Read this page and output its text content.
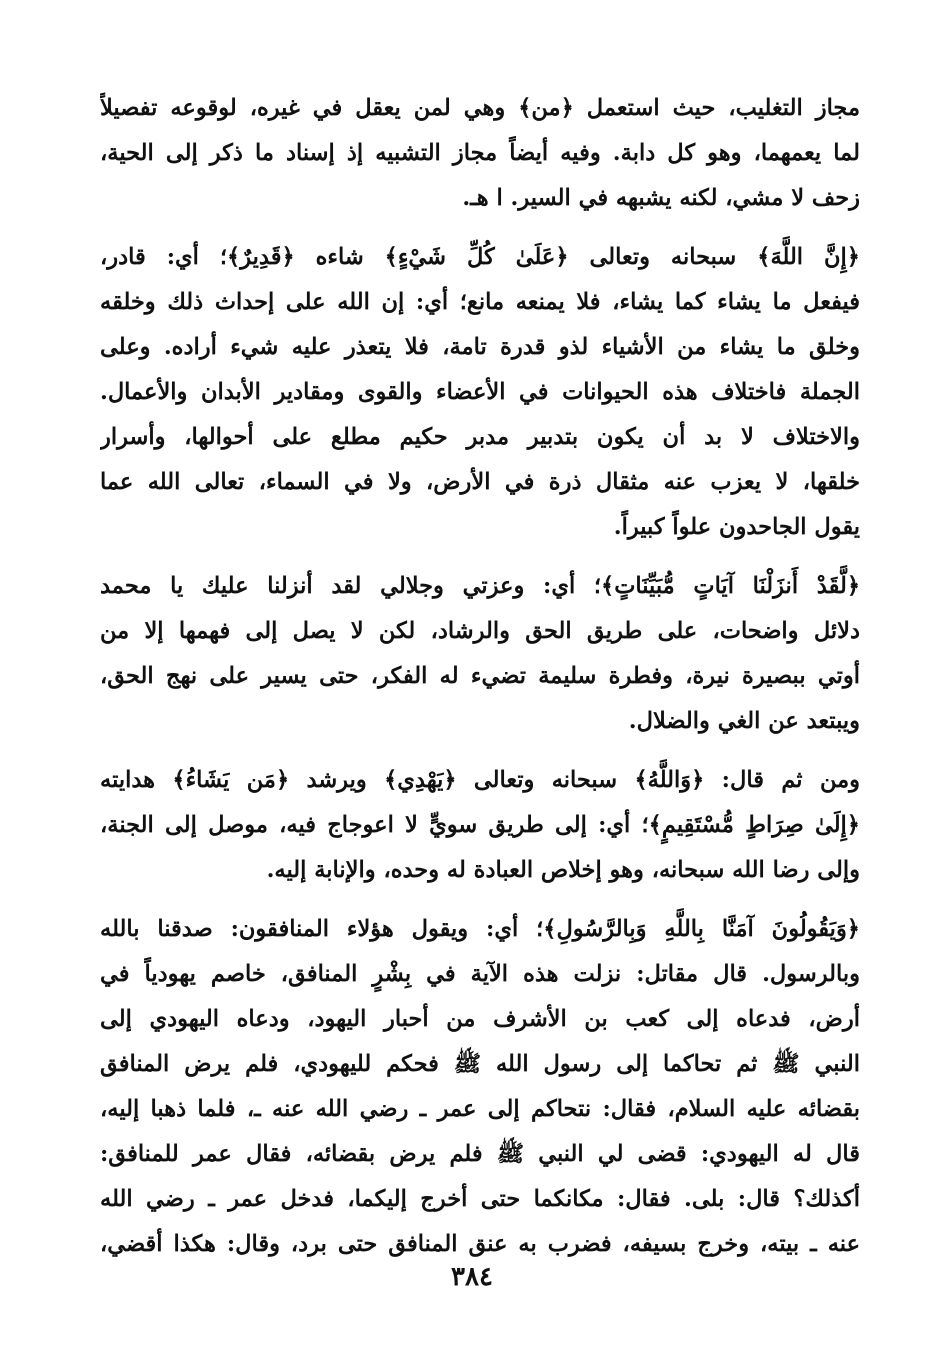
مجاز التغليب، حيث استعمل ﴿من﴾ وهي لمن يعقل في غيره، لوقوعه تفصيلاً
لما يعمهما، وهو كل دابة. وفيه أيضاً مجاز التشبيه إذ إسناد ما ذكر إلى الحية،
زحف لا مشي، لكنه يشبهه في السير. ا هـ.
﴿إِنَّ اللَّهَ﴾ سبحانه وتعالى ﴿عَلَىٰ كُلِّ شَيْءٍ﴾ شاءه ﴿قَدِيرٌ﴾؛ أي: قادر،
فيفعل ما يشاء كما يشاء، فلا يمنعه مانع؛ أي: إن الله على إحداث ذلك وخلقه
وخلق ما يشاء من الأشياء لذو قدرة تامة، فلا يتعذر عليه شيء أراده. وعلى
الجملة فاختلاف هذه الحيوانات في الأعضاء والقوى ومقادير الأبدان والأعمال.
والاختلاف لا بد أن يكون بتدبير مدبر حكيم مطلع على أحوالها، وأسرار
خلقها، لا يعزب عنه مثقال ذرة في الأرض، ولا في السماء، تعالى الله عما
يقول الجاحدون علواً كبيراً.
﴿لَّقَدْ أَنزَلْنَا آيَاتٍ مُّبَيِّنَاتٍ﴾؛ أي: وعزتي وجلالي لقد أنزلنا عليك يا محمد
دلائل واضحات، على طريق الحق والرشاد، لكن لا يصل إلى فهمها إلا من
أوتي ببصيرة نيرة، وفطرة سليمة تضيء له الفكر، حتى يسير على نهج الحق،
ويبتعد عن الغي والضلال.
ومن ثم قال: ﴿وَاللَّهُ﴾ سبحانه وتعالى ﴿يَهْدِي﴾ ويرشد ﴿مَن يَشَاءُ﴾ هدايته
﴿إِلَىٰ صِرَاطٍ مُّسْتَقِيمٍ﴾؛ أي: إلى طريق سويٍّ لا اعوجاج فيه، موصل إلى الجنة،
وإلى رضا الله سبحانه، وهو إخلاص العبادة له وحده، والإنابة إليه.
﴿وَيَقُولُونَ آمَنَّا بِاللَّهِ وَبِالرَّسُولِ﴾؛ أي: ويقول هؤلاء المنافقون: صدقنا بالله
وبالرسول. قال مقاتل: نزلت هذه الآية في بِشْرٍ المنافق، خاصم يهودياً في
أرض، فدعاه إلى كعب بن الأشرف من أحبار اليهود، ودعاه اليهودي إلى
النبي ﷺ ثم تحاكما إلى رسول الله ﷺ فحكم لليهودي، فلم يرض المنافق
بقضائه عليه السلام، فقال: نتحاكم إلى عمر ـ رضي الله عنه ـ، فلما ذهبا إليه،
قال له اليهودي: قضى لي النبي ﷺ فلم يرض بقضائه، فقال عمر للمنافق:
أكذلك؟ قال: بلى. فقال: مكانكما حتى أخرج إليكما، فدخل عمر ـ رضي الله
عنه ـ بيته، وخرج بسيفه، فضرب به عنق المنافق حتى برد، وقال: هكذا أقضي،
٣٨٤
